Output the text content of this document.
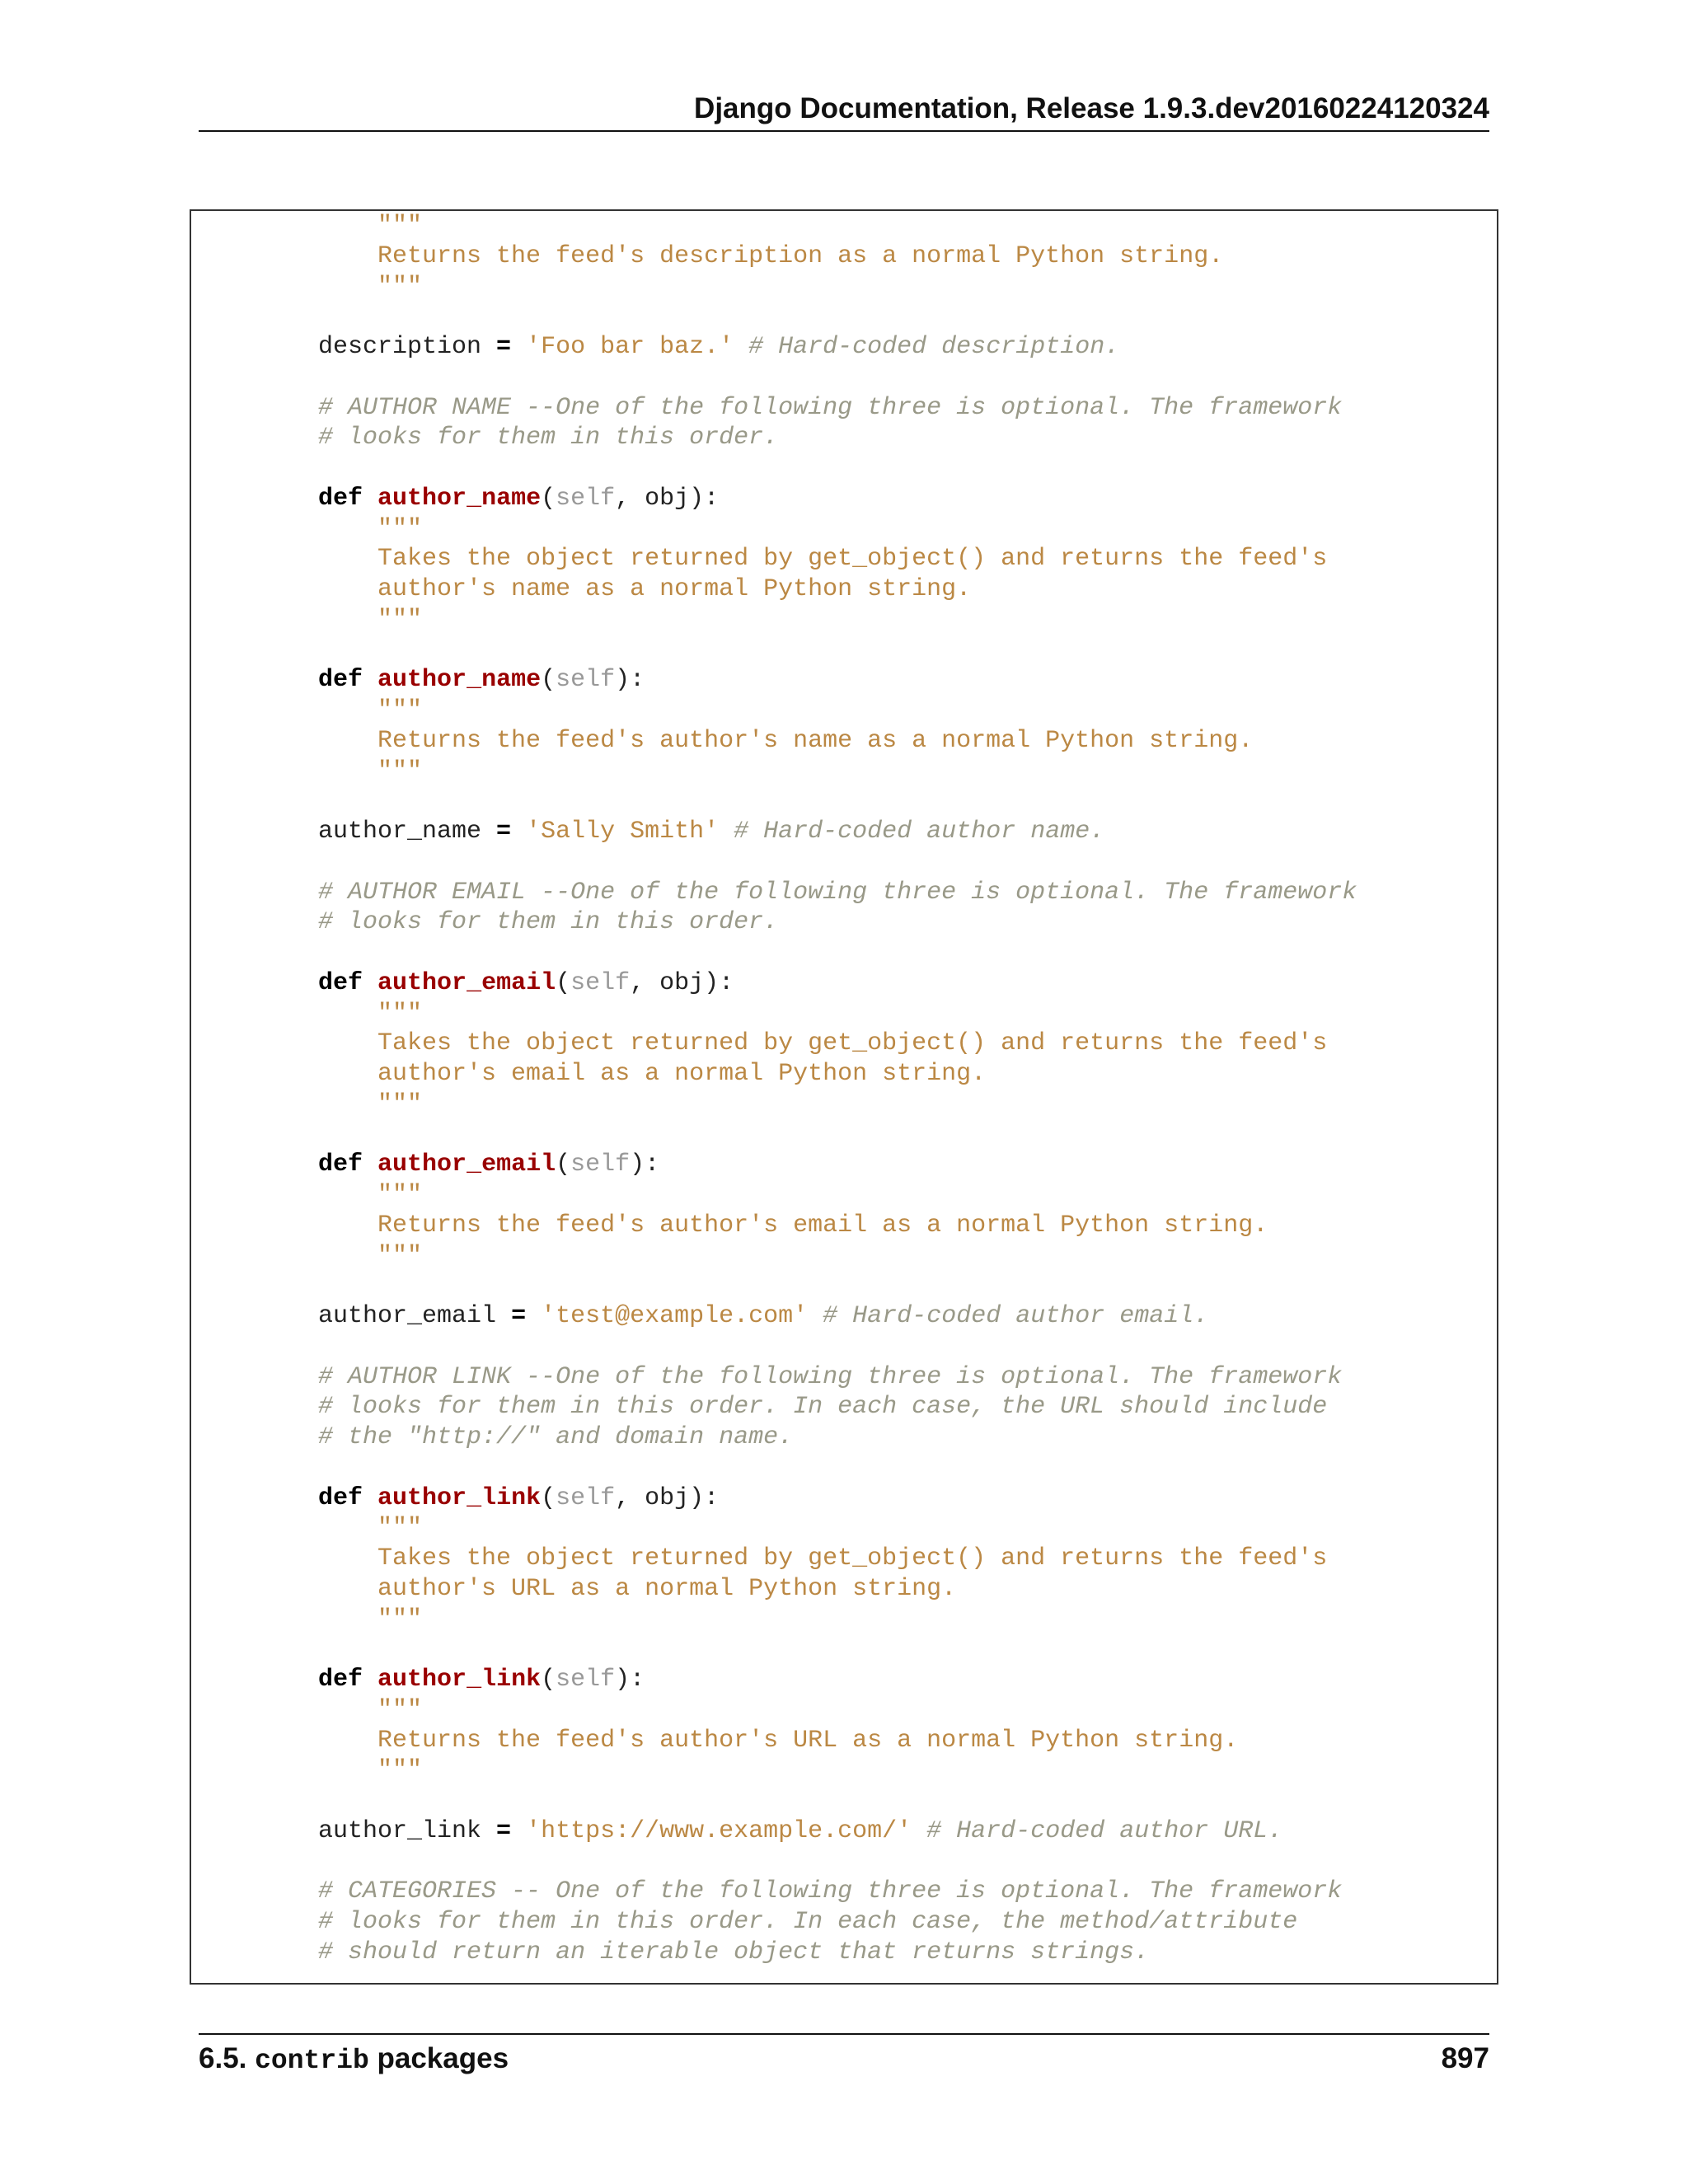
Django Documentation, Release 1.9.3.dev20160224120324
"""
Returns the feed's description as a normal Python string.
"""
description = 'Foo bar baz.' # Hard-coded description.
# AUTHOR NAME --One of the following three is optional. The framework
# looks for them in this order.
def author_name(self, obj):
"""
Takes the object returned by get_object() and returns the feed's
author's name as a normal Python string.
"""
def author_name(self):
"""
Returns the feed's author's name as a normal Python string.
"""
author_name = 'Sally Smith' # Hard-coded author name.
# AUTHOR EMAIL --One of the following three is optional. The framework
# looks for them in this order.
def author_email(self, obj):
"""
Takes the object returned by get_object() and returns the feed's
author's email as a normal Python string.
"""
def author_email(self):
"""
Returns the feed's author's email as a normal Python string.
"""
author_email = 'test@example.com' # Hard-coded author email.
# AUTHOR LINK --One of the following three is optional. The framework
# looks for them in this order. In each case, the URL should include
# the "http://" and domain name.
def author_link(self, obj):
"""
Takes the object returned by get_object() and returns the feed's
author's URL as a normal Python string.
"""
def author_link(self):
"""
Returns the feed's author's URL as a normal Python string.
"""
author_link = 'https://www.example.com/' # Hard-coded author URL.
# CATEGORIES -- One of the following three is optional. The framework
# looks for them in this order. In each case, the method/attribute
# should return an iterable object that returns strings.
6.5. contrib packages	897
